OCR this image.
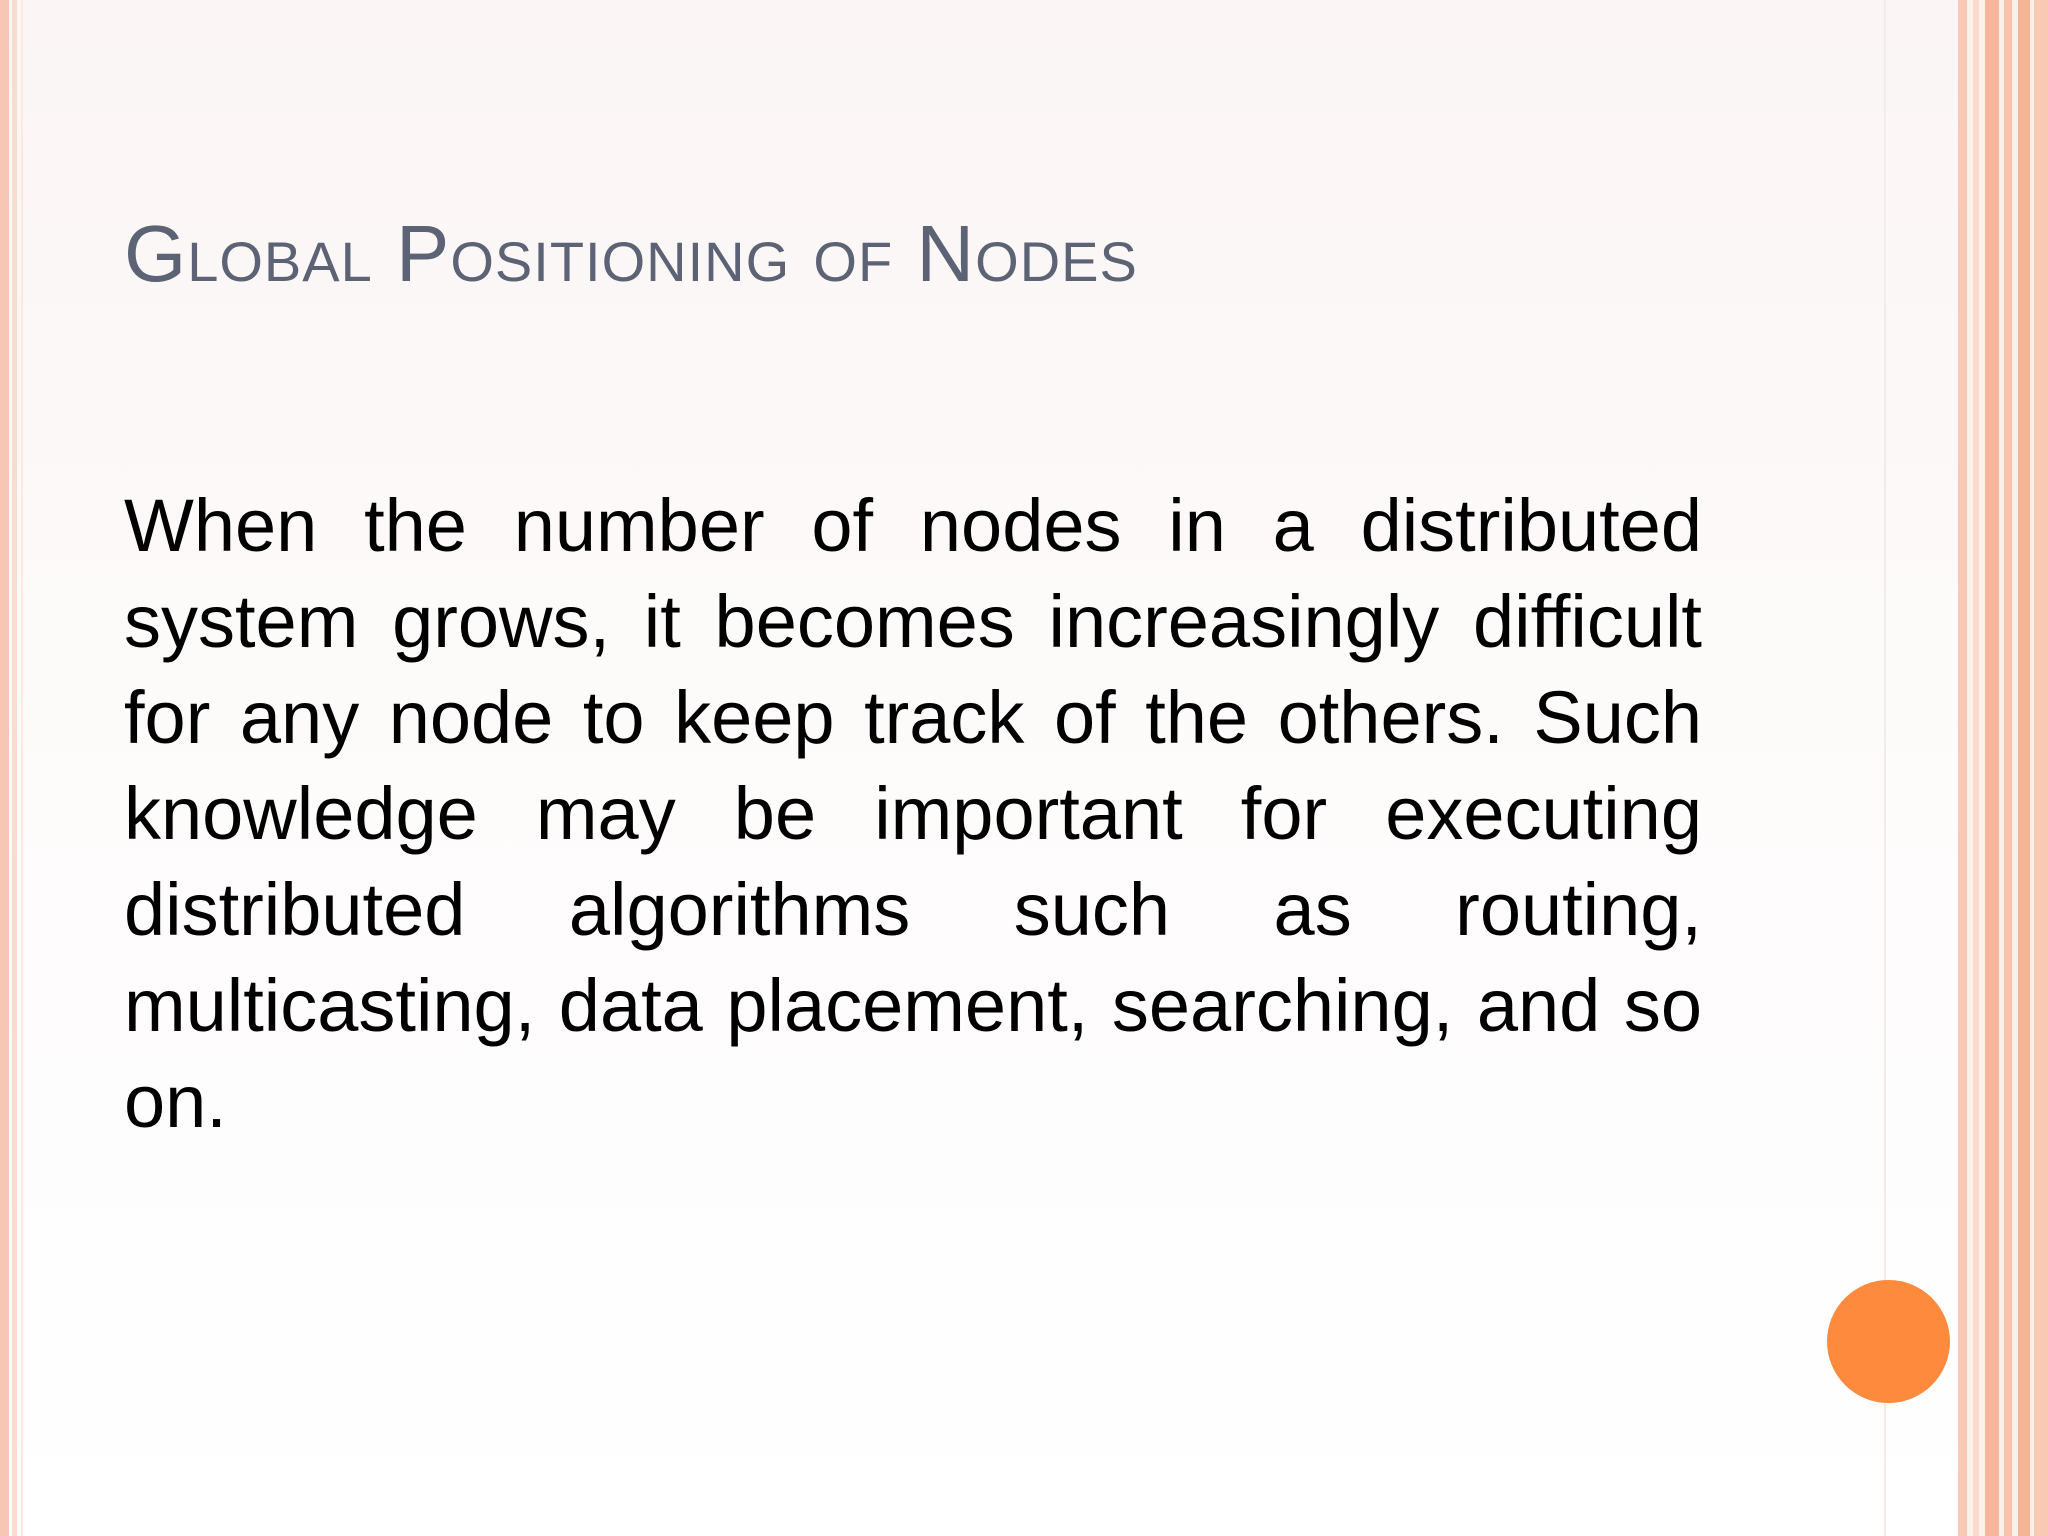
Global Positioning of Nodes

When the number of nodes in a distributed system grows, it becomes increasingly difficult for any node to keep track of the others. Such knowledge may be important for executing distributed algorithms such as routing, multicasting, data placement, searching, and so on.
